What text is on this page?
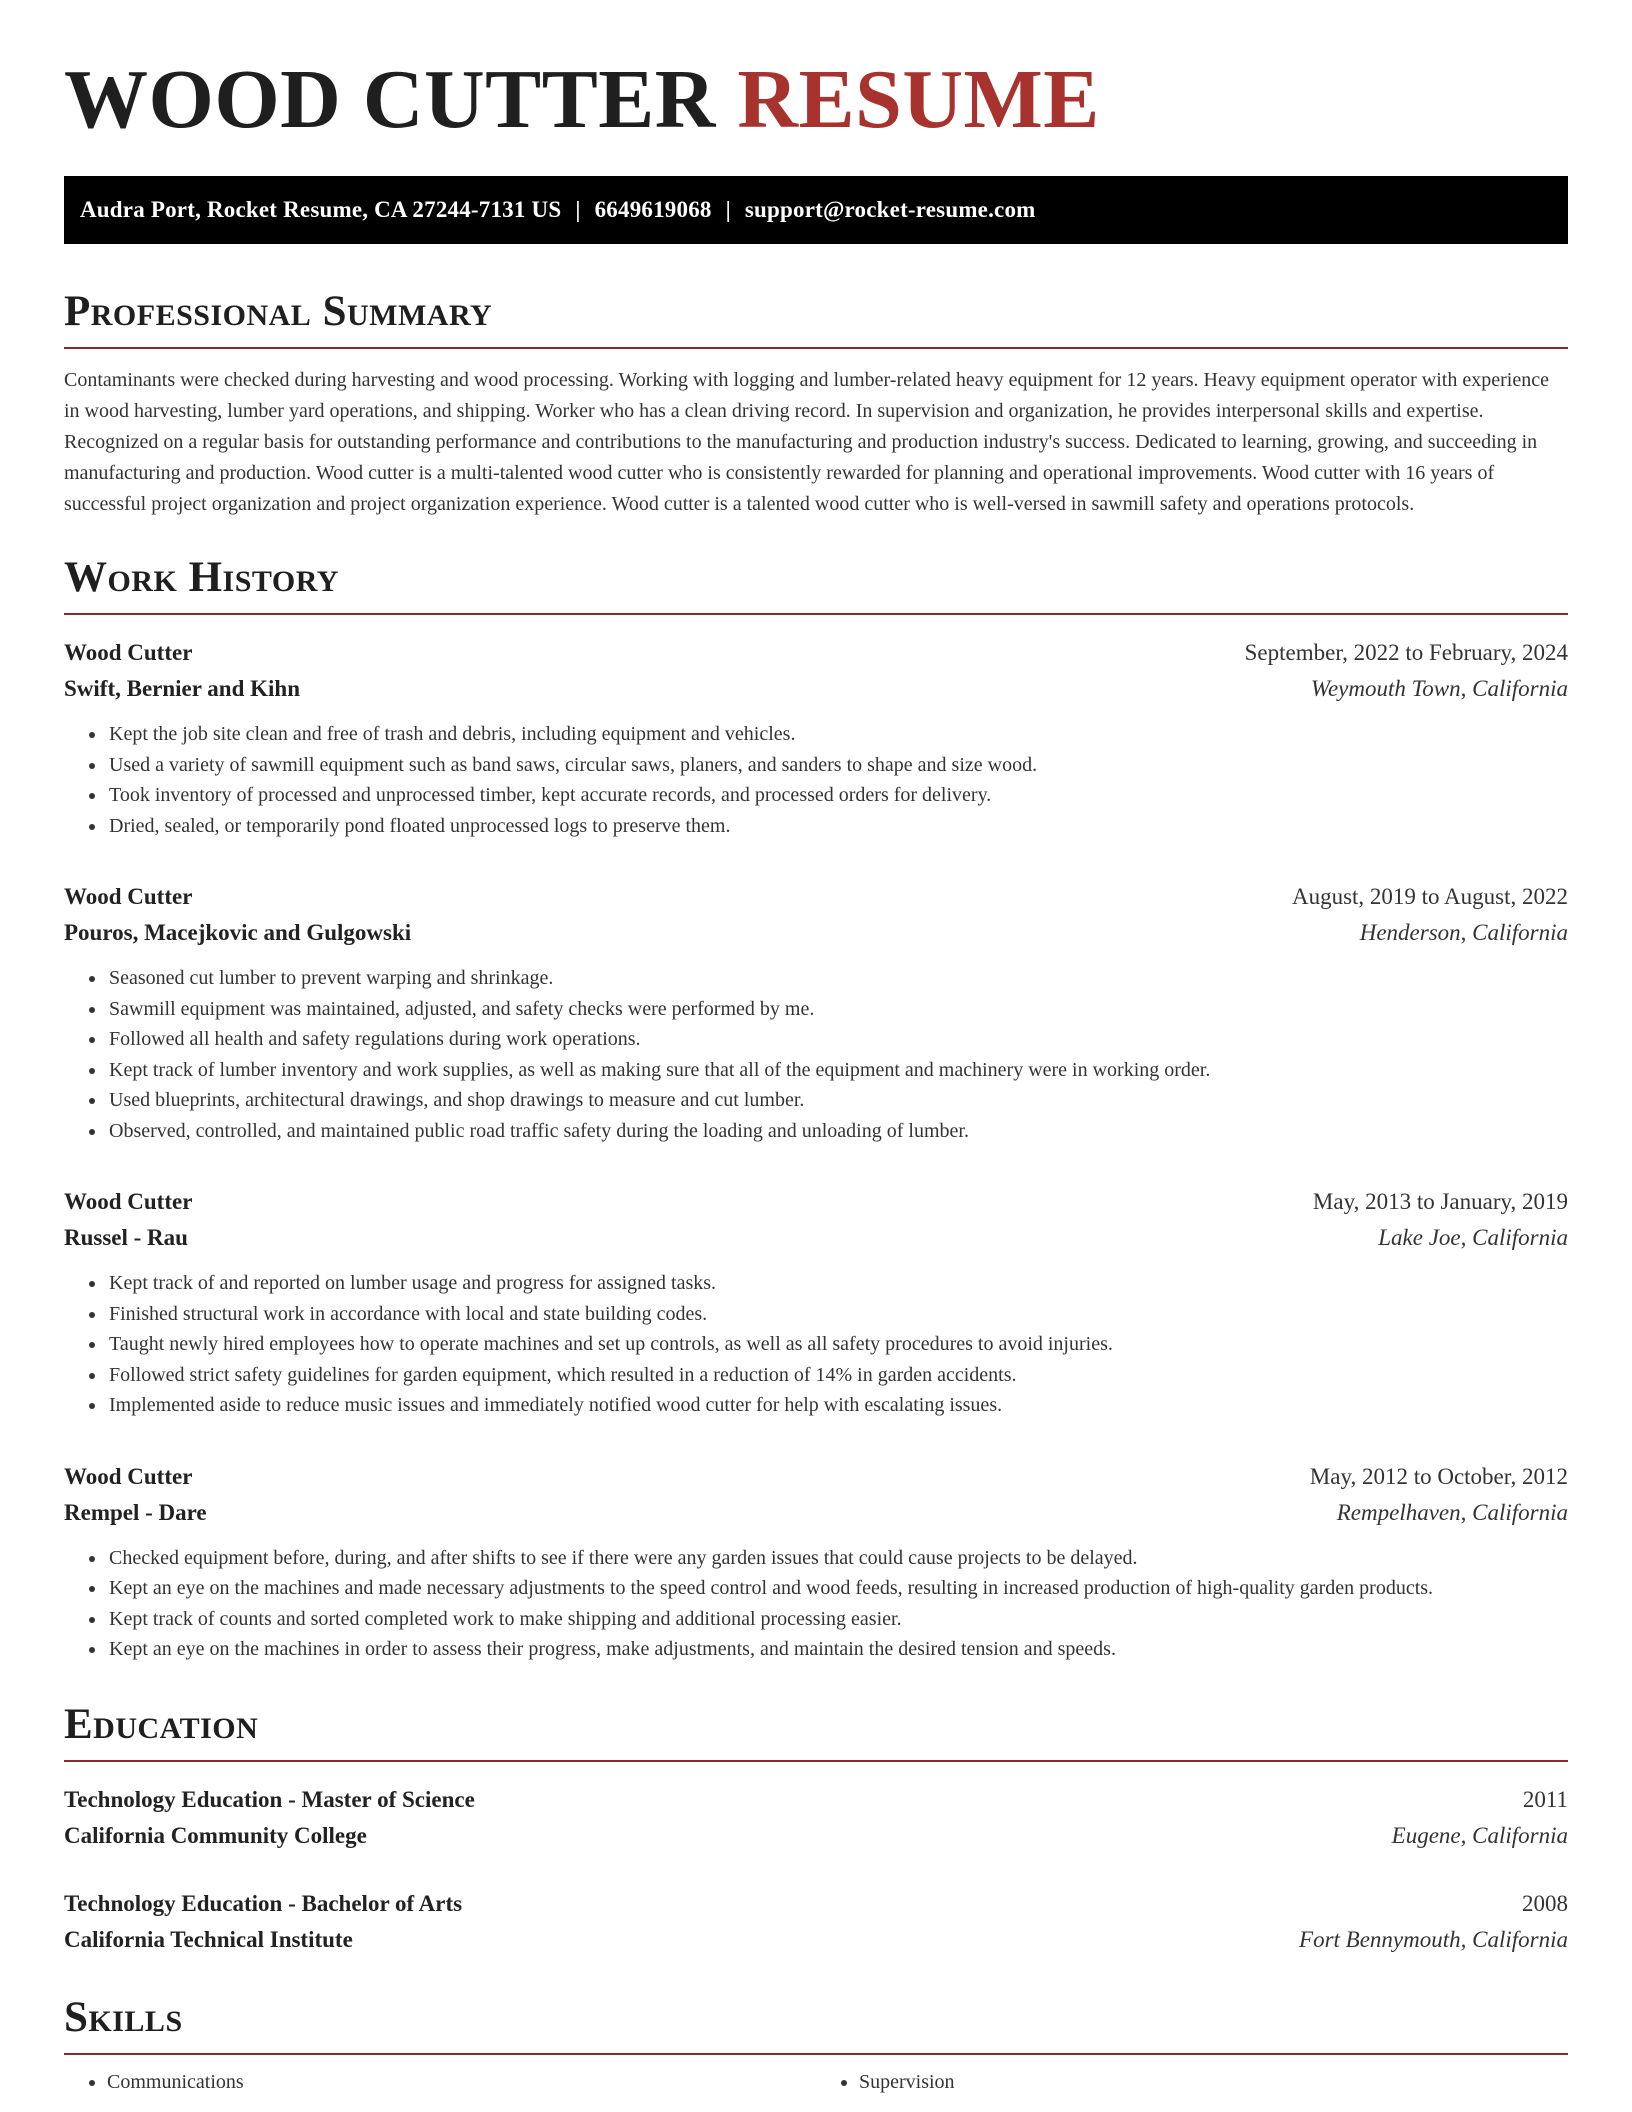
WOOD CUTTER RESUME
Audra Port, Rocket Resume, CA 27244-7131 US | 6649619068 | support@rocket-resume.com
Professional Summary

Contaminants were checked during harvesting and wood processing. Working with logging and lumber-related heavy equipment for 12 years. Heavy equipment operator with experience in wood harvesting, lumber yard operations, and shipping. Worker who has a clean driving record. In supervision and organization, he provides interpersonal skills and expertise. Recognized on a regular basis for outstanding performance and contributions to the manufacturing and production industry's success. Dedicated to learning, growing, and succeeding in manufacturing and production. Wood cutter is a multi-talented wood cutter who is consistently rewarded for planning and operational improvements. Wood cutter with 16 years of successful project organization and project organization experience. Wood cutter is a talented wood cutter who is well-versed in sawmill safety and operations protocols.

Work History
Wood Cutter	September, 2022 to February, 2024
Swift, Bernier and Kihn	Weymouth Town, California
• Kept the job site clean and free of trash and debris, including equipment and vehicles.
• Used a variety of sawmill equipment such as band saws, circular saws, planers, and sanders to shape and size wood.
• Took inventory of processed and unprocessed timber, kept accurate records, and processed orders for delivery.
• Dried, sealed, or temporarily pond floated unprocessed logs to preserve them.
Wood Cutter	August, 2019 to August, 2022
Pouros, Macejkovic and Gulgowski	Henderson, California
• Seasoned cut lumber to prevent warping and shrinkage.
• Sawmill equipment was maintained, adjusted, and safety checks were performed by me.
• Followed all health and safety regulations during work operations.
• Kept track of lumber inventory and work supplies, as well as making sure that all of the equipment and machinery were in working order.
• Used blueprints, architectural drawings, and shop drawings to measure and cut lumber.
• Observed, controlled, and maintained public road traffic safety during the loading and unloading of lumber.
Wood Cutter	May, 2013 to January, 2019
Russel - Rau	Lake Joe, California
• Kept track of and reported on lumber usage and progress for assigned tasks.
• Finished structural work in accordance with local and state building codes.
• Taught newly hired employees how to operate machines and set up controls, as well as all safety procedures to avoid injuries.
• Followed strict safety guidelines for garden equipment, which resulted in a reduction of 14% in garden accidents.
• Implemented aside to reduce music issues and immediately notified wood cutter for help with escalating issues.
Wood Cutter	May, 2012 to October, 2012
Rempel - Dare	Rempelhaven, California
• Checked equipment before, during, and after shifts to see if there were any garden issues that could cause projects to be delayed.
• Kept an eye on the machines and made necessary adjustments to the speed control and wood feeds, resulting in increased production of high-quality garden products.
• Kept track of counts and sorted completed work to make shipping and additional processing easier.
• Kept an eye on the machines in order to assess their progress, make adjustments, and maintain the desired tension and speeds.
Education
Technology Education - Master of Science	2011
California Community College	Eugene, California
Technology Education - Bachelor of Arts	2008
California Technical Institute	Fort Bennymouth, California
Skills
• Communications
•	Supervision
